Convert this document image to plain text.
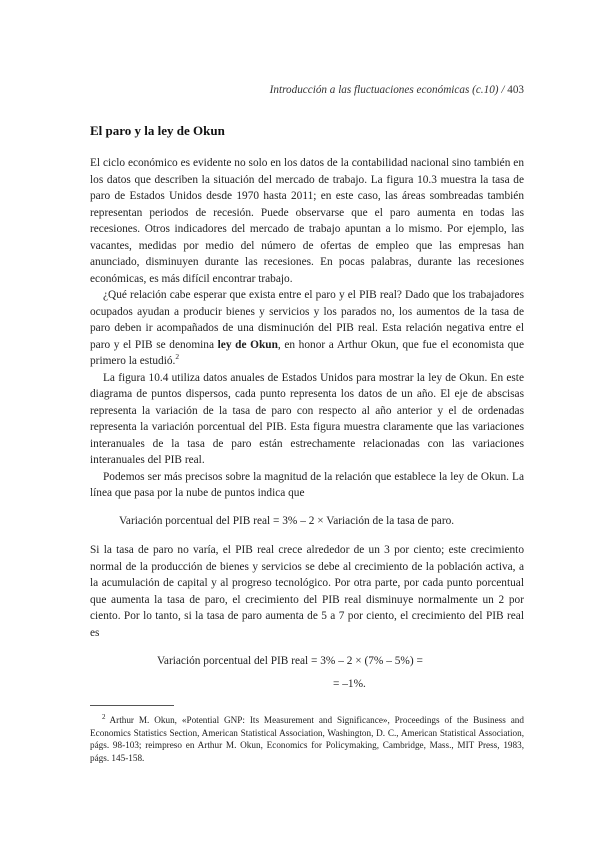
Introducción a las fluctuaciones económicas (c.10) / 403
El paro y la ley de Okun

El ciclo económico es evidente no solo en los datos de la contabilidad nacional sino también en los datos que describen la situación del mercado de trabajo. La figura 10.3 muestra la tasa de paro de Estados Unidos desde 1970 hasta 2011; en este caso, las áreas sombreadas también representan periodos de recesión. Puede observarse que el paro aumenta en todas las recesiones. Otros indicadores del mercado de trabajo apuntan a lo mismo. Por ejemplo, las vacantes, medidas por medio del número de ofertas de empleo que las empresas han anunciado, disminuyen durante las recesiones. En pocas palabras, durante las recesiones económicas, es más difícil encontrar trabajo.

¿Qué relación cabe esperar que exista entre el paro y el PIB real? Dado que los trabajadores ocupados ayudan a producir bienes y servicios y los parados no, los aumentos de la tasa de paro deben ir acompañados de una disminución del PIB real. Esta relación negativa entre el paro y el PIB se denomina ley de Okun, en honor a Arthur Okun, que fue el economista que primero la estudió.$^2$

La figura 10.4 utiliza datos anuales de Estados Unidos para mostrar la ley de Okun. En este diagrama de puntos dispersos, cada punto representa los datos de un año. El eje de abscisas representa la variación de la tasa de paro con respecto al año anterior y el de ordenadas representa la variación porcentual del PIB. Esta figura muestra claramente que las variaciones interanuales de la tasa de paro están estrechamente relacionadas con las variaciones interanuales del PIB real.

Podemos ser más precisos sobre la magnitud de la relación que establece la ley de Okun. La línea que pasa por la nube de puntos indica que

Variación porcentual del PIB real = 3% – 2 × Variación de la tasa de paro.

Si la tasa de paro no varía, el PIB real crece alrededor de un 3 por ciento; este crecimiento normal de la producción de bienes y servicios se debe al crecimiento de la población activa, a la acumulación de capital y al progreso tecnológico. Por otra parte, por cada punto porcentual que aumenta la tasa de paro, el crecimiento del PIB real disminuye normalmente un 2 por ciento. Por lo tanto, si la tasa de paro aumenta de 5 a 7 por ciento, el crecimiento del PIB real es

Variación porcentual del PIB real = 3% – 2 × (7% – 5%) =
= –1%.
$^2$ Arthur M. Okun, «Potential GNP: Its Measurement and Significance», Proceedings of the Business and Economics Statistics Section, American Statistical Association, Washington, D. C., American Statistical Association, págs. 98-103; reimpreso en Arthur M. Okun, Economics for Policymaking, Cambridge, Mass., MIT Press, 1983, págs. 145-158.
